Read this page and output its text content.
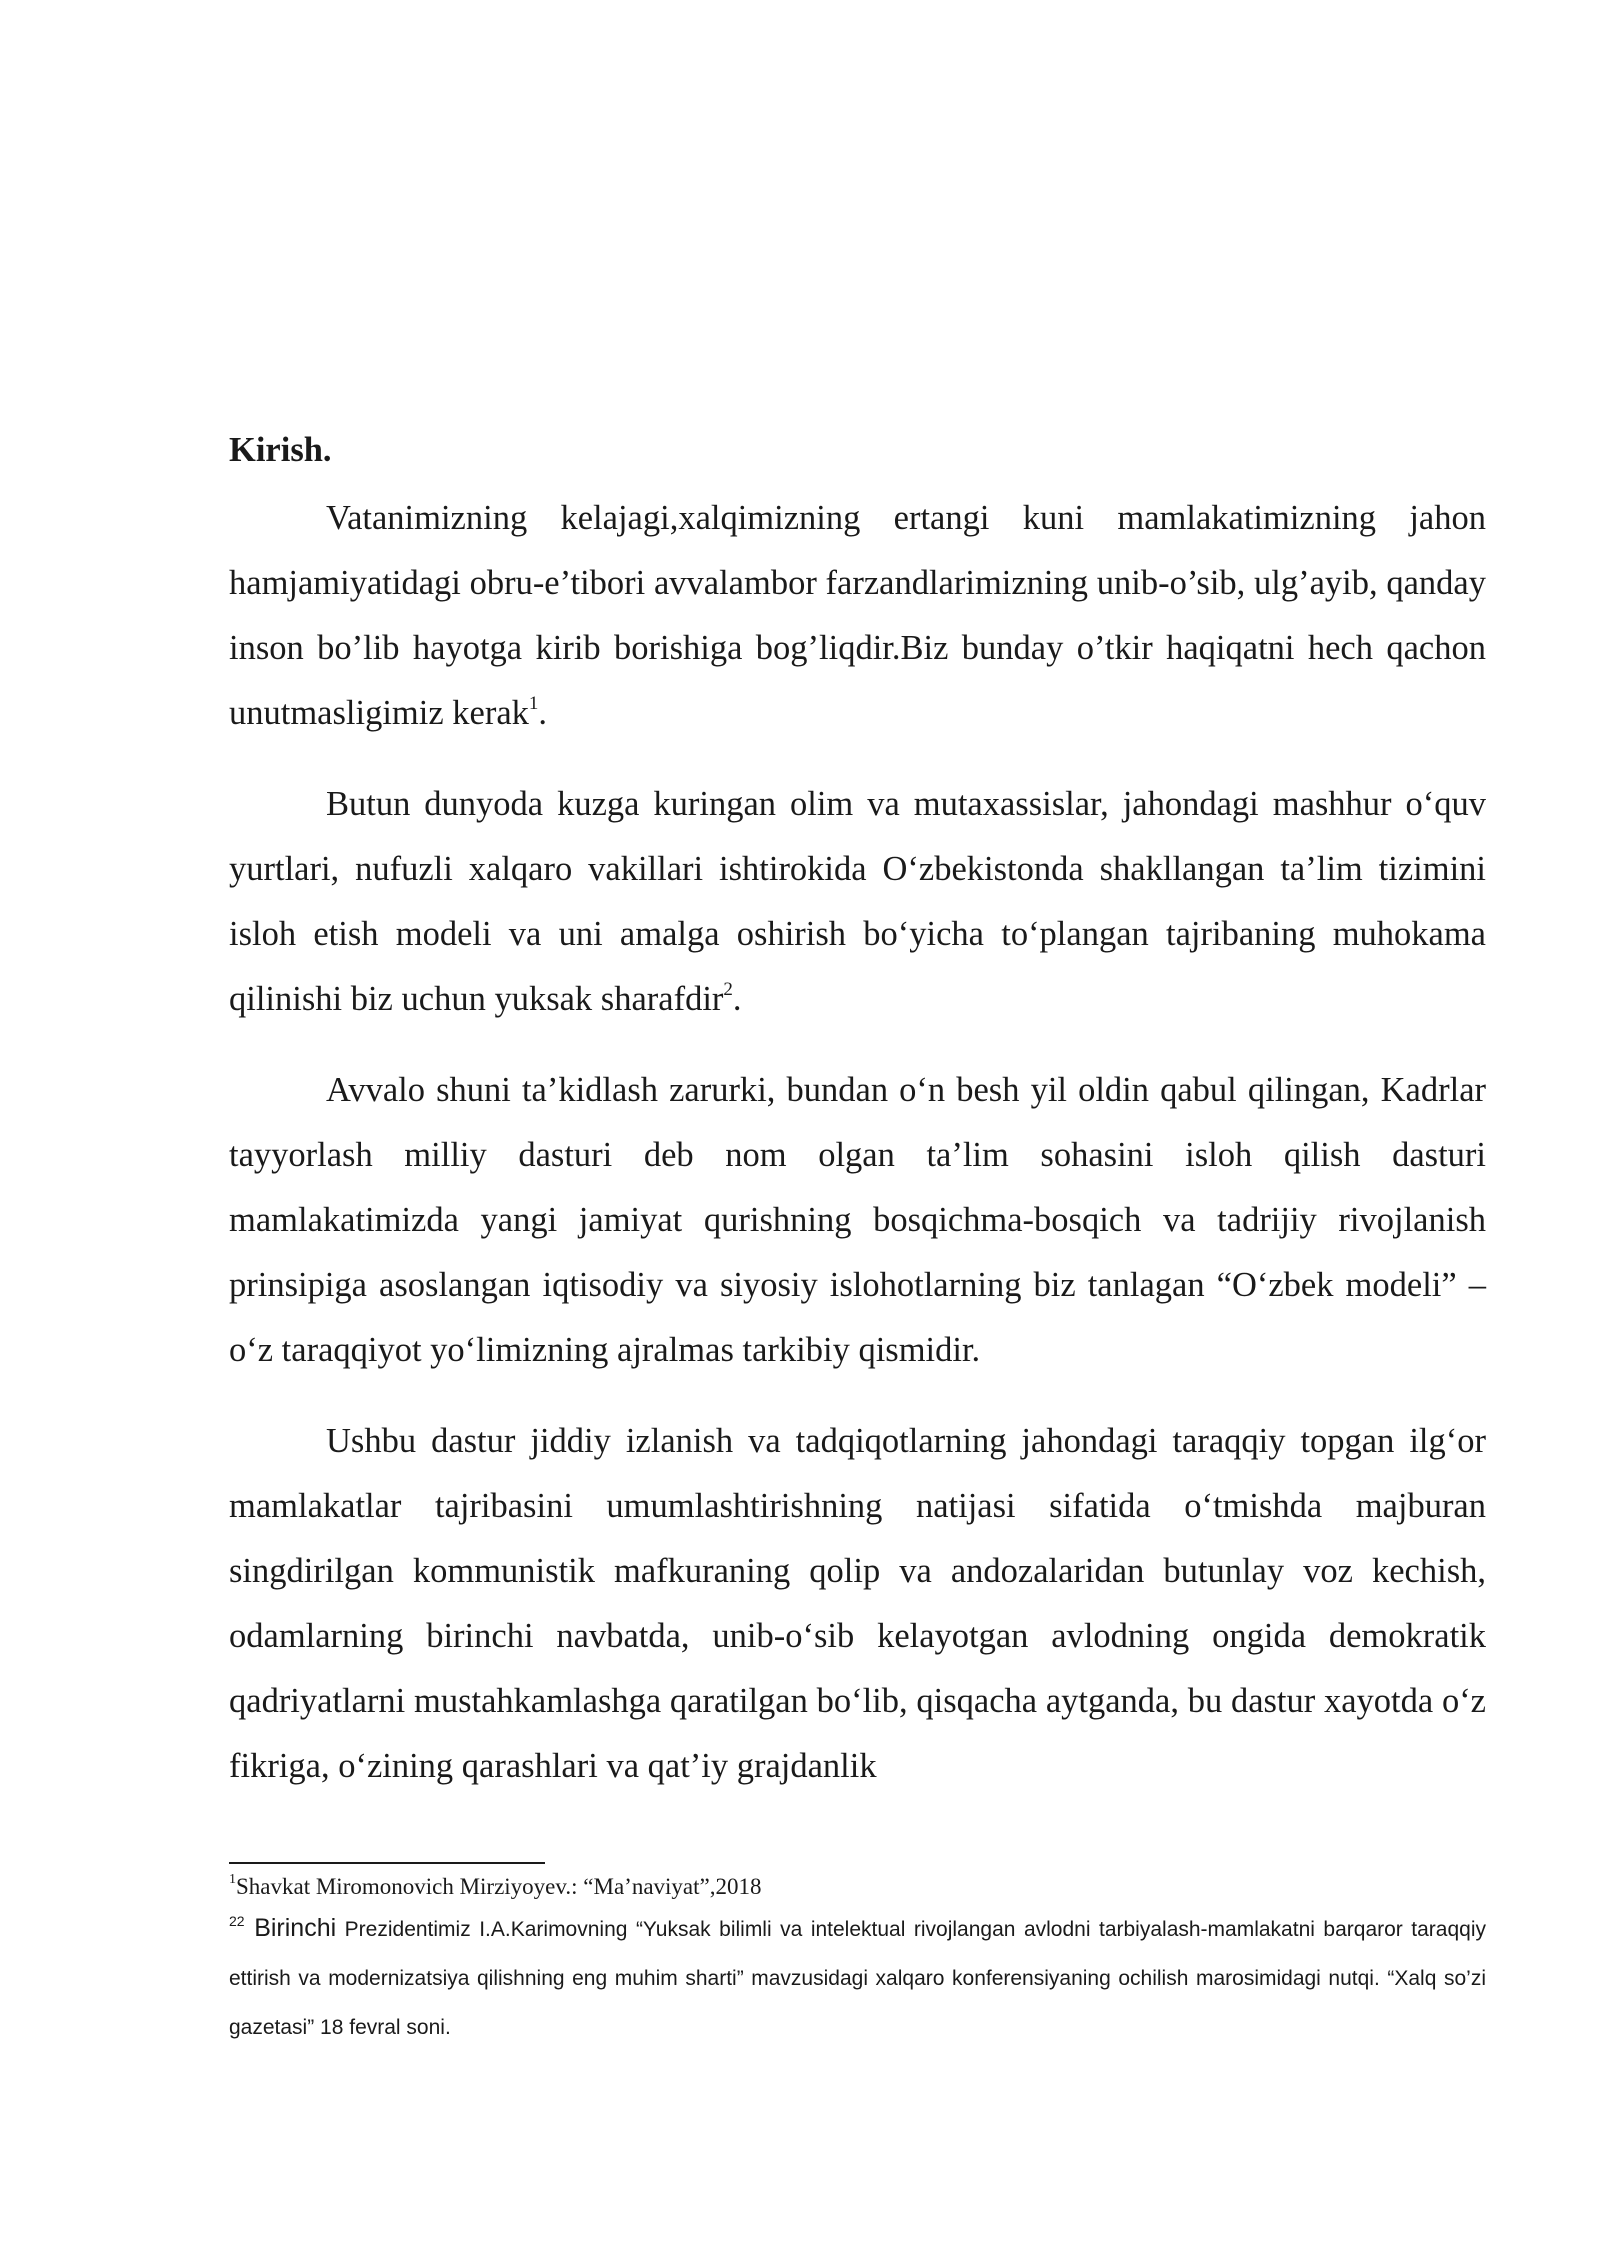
Kirish.

Vatanimizning kelajagi,xalqimizning ertangi kuni mamlakatimizning jahon hamjamiyatidagi obru-e’tibori avvalambor farzandlarimizning unib-o’sib, ulg’ayib, qanday inson bo’lib hayotga kirib borishiga bog’liqdir.Biz bunday o’tkir haqiqatni hech qachon unutmasligimiz kerak$^1$.

Butun dunyoda kuzga kuringan olim va mutaxassislar, jahondagi mashhur o‘quv yurtlari, nufuzli xalqaro vakillari ishtirokida O‘zbekistonda shakllangan ta’lim tizimini isloh etish modeli va uni amalga oshirish bo‘yicha to‘plangan tajribaning muhokama qilinishi biz uchun yuksak sharafdir$^2$.

Avvalo shuni ta’kidlash zarurki, bundan o‘n besh yil oldin qabul qilingan, Kadrlar tayyorlash milliy dasturi deb nom olgan ta’lim sohasini isloh qilish dasturi mamlakatimizda yangi jamiyat qurishning bosqichma-bosqich va tadrijiy rivojlanish prinsipiga asoslangan iqtisodiy va siyosiy islohotlarning biz tanlagan “O‘zbek modeli” –o‘z taraqqiyot yo‘limizning ajralmas tarkibiy qismidir.

Ushbu dastur jiddiy izlanish va tadqiqotlarning jahondagi taraqqiy topgan ilg‘or mamlakatlar tajribasini umumlashtirishning natijasi sifatida o‘tmishda majburan singdirilgan kommunistik mafkuraning qolip va andozalaridan butunlay voz kechish, odamlarning birinchi navbatda, unib-o‘sib kelayotgan avlodning ongida demokratik qadriyatlarni mustahkamlashga qaratilgan bo‘lib, qisqacha aytganda, bu dastur xayotda o‘z fikriga, o‘zining qarashlari va qat’iy grajdanlik

$^1$Shavkat Miromonovich Mirziyoyev.: “Ma’naviyat”,2018
$^{22}$ Birinchi Prezidentimiz I.A.Karimovning “Yuksak bilimli va intelektual rivojlangan avlodni tarbiyalash-mamlakatni barqaror taraqqiy ettirish va modernizatsiya qilishning eng muhim sharti” mavzusidagi xalqaro konferensiyaning ochilish marosimidagi nutqi. “Xalq so’zi gazetasi” 18 fevral soni.
